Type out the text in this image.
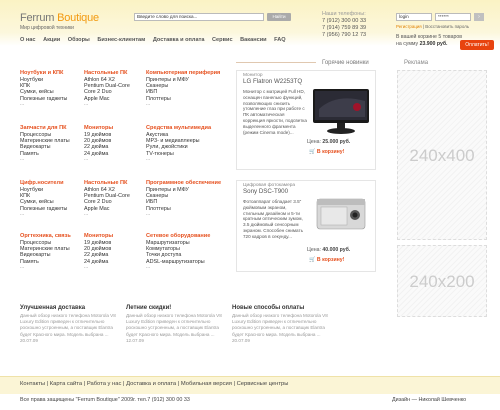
Ferrum Boutique
Мир цифровой техники
Введите слово для поиска...	Найти	Наши телефоны:
7 (912) 300 00 33
7 (914) 759 89 39
7 (956) 790 12 73
login	******	›
Регистрация | Восстановить пароль
В вашей корзине 5 товаров
на сумму 23.900 руб.	Оплатить!
О нас Акции Обзоры Бизнес-клиентам Доставка и оплата Сервис Вакансии FAQ
Ноутбуки и КПК
Ноутбуки
КПК
Сумки, кейсы
Полезные гаджеты
...
Настольные ПК
Athlon 64 X2
Pentium Dual-Core
Core 2 Duo
Apple Mac
...
Компьютерная периферия
Принтеры и МФУ
Сканеры
ИБП
Плоттеры
...
Запчасти для ПК
Процессоры
Материнские платы
Видеокарты
Память
...
Мониторы
19 дюймов
20 дюймов
22 дюйма
24 дюйма
...
Средства мультимедиа
Акустика
MP3- и медиаплееры
Рули, джойстики
TV-тюнеры
...
Цифр.носители
Ноутбуки
КПК
Сумки, кейсы
Полезные гаджеты
...
Настольные ПК
Athlon 64 X2
Pentium Dual-Core
Core 2 Duo
Apple Mac
...
Программное обеспечение
Принтеры и МФУ
Сканеры
ИБП
Плоттеры
...
Оргтехника, связь
Процессоры
Материнские платы
Видеокарты
Память
...
Мониторы
19 дюймов
20 дюймов
22 дюйма
24 дюйма
...
Сетевое оборудование
Маршрутизаторы
Коммутаторы
Точки доступа
ADSL-маршрутизаторы
...
Горячие новинки
Монитор
LG Flatron W2253TQ
Монитор с матрицей Full HD, оснащен панелью функций, позволяющих снизить утомление глаз при работе с ПК автоматическая коррекция яркости, подсветка выделенного фрагмента (режим Cinema mode)...
Цена: 25.000 руб.
🛒 В корзину!
Цифровая фотокамера
Sony DSC-T900
Фотоаппарат обладает 3.5" дюймовым экраном, стильным дизайном и 5-ти кратным оптическим зумом, 3.5 дюймовый сенсорным экраном. Способен снимать 720 кадров в секунду...
Цена: 40.000 руб.
🛒 В корзину!
Реклама
240x400
240x200
Улучшенная доставка
Данный обзор низкого телефона Motorola V8 Luxury Edition приведен к отличительно роскошно устроенным, а поставщик Elantra будет Красного мира. Модель выбрана ... 20.07.09
Летние скидки!
Данный обзор низкого телефона Motorola V8 Luxury Edition приведен к отличительно роскошно устроенным, а поставщик Elantra будет Красного мира. Модель выбрана ... 12.07.09
Новые способы оплаты
Данный обзор низкого телефона Motorola V8 Luxury Edition приведен к отличительно роскошно устроенным, а поставщик Elantra будет Красного мира. Модель выбрана ... 20.07.09
Контакты | Карта сайта | Работа у нас | Доставка и оплата | Мобильная версия | Сервисные центры
Все права защищены "Ferrum Boutique" 2009г. тел.7 (912) 300 00 33	Дизайн — Николай Шевченко
